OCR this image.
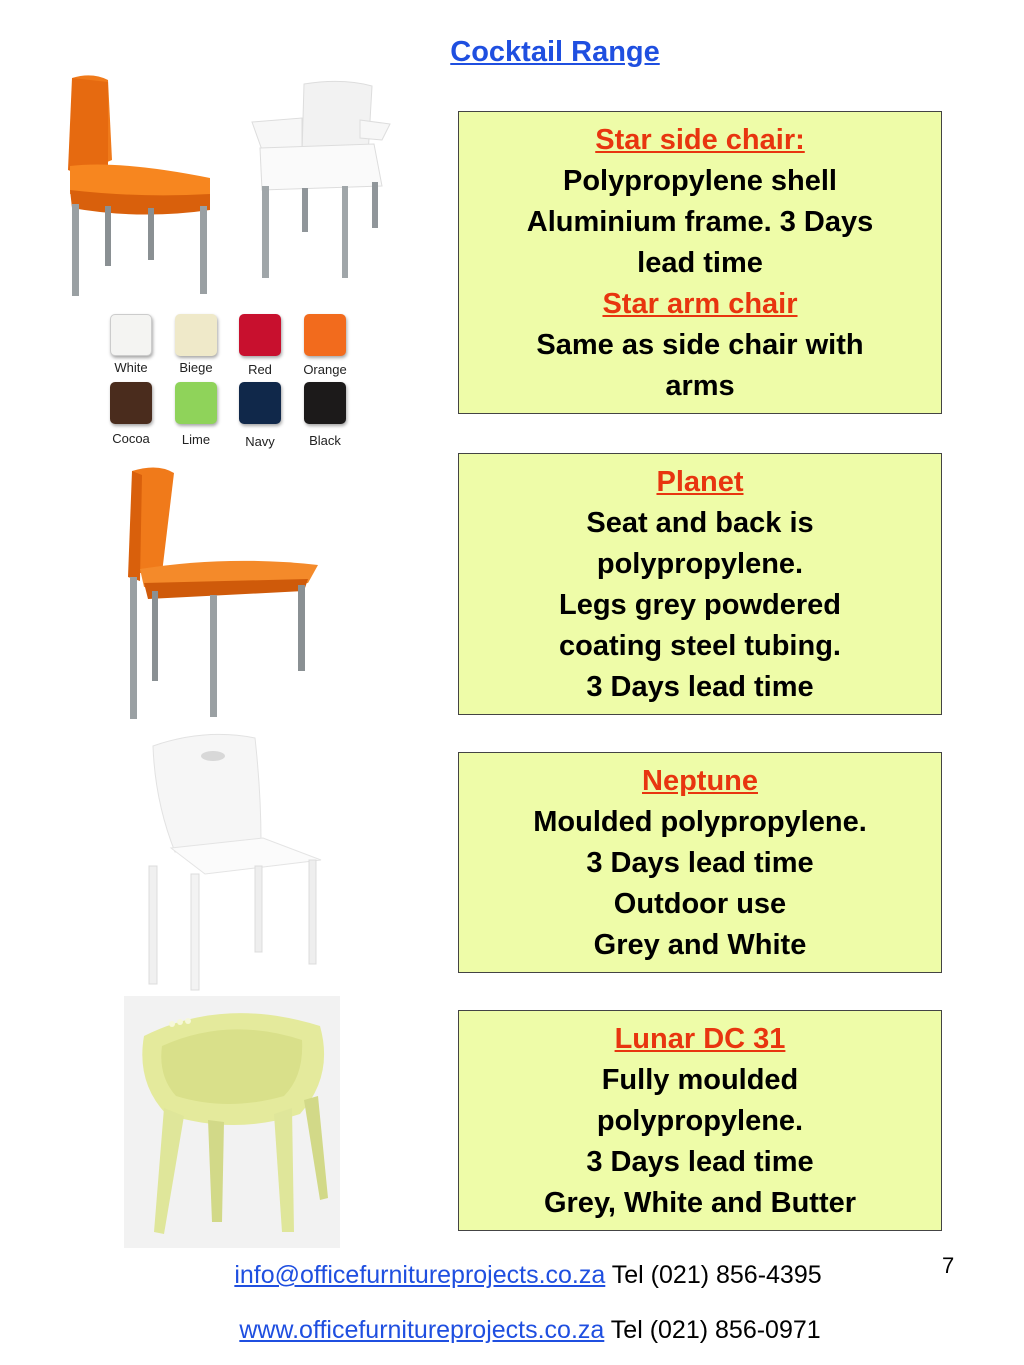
Cocktail Range
White	Biege	Red	Orange
Cocoa	Lime	Navy	Black
Star side chair:
Polypropylene shell
Aluminium frame. 3 Days
lead time
Star arm chair
Same as side chair with
arms
Planet
Seat and back is
polypropylene.
Legs grey powdered
coating steel tubing.
3 Days lead time
Neptune
Moulded polypropylene.
3 Days lead time
Outdoor use
Grey and White
Lunar DC 31
Fully moulded
polypropylene.
3 Days lead time
Grey, White and Butter
7
info@officefurnitureprojects.co.za Tel (021) 856-4395
www.officefurnitureprojects.co.za Tel (021) 856-0971
